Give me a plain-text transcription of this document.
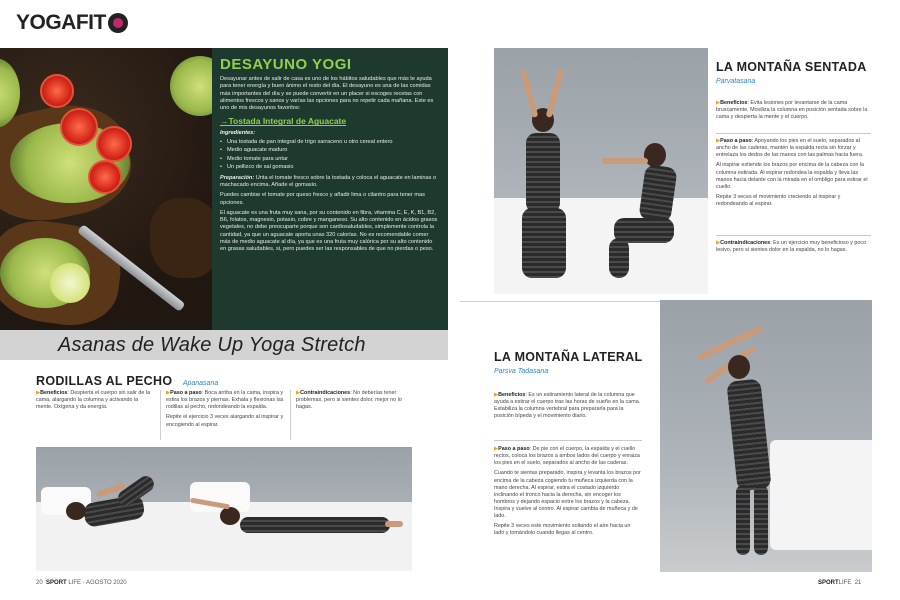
YOGA FIT
DESAYUNO YOGI
Desayunar antes de salir de casa es uno de los hábitos saludables que más te ayuda para tener energía y buen ánimo el resto del día. El desayuno es una de las comidas más importantes del día y se puede convertir en un placer si escoges recetas con alimentos frescos y sanos y varías las opciones para no repetir cada mañana. Este es uno de mis desayunos favoritos:
→Tostada Integral de Aguacate
Ingredientes:
• Una tostada de pan integral de trigo sarraceno u otro cereal entero
• Medio aguacate maduro
• Medio tomate para untar
• Un pellizco de sal gomasio
Preparación: Unta el tomate fresco sobre la tostada y coloca el aguacate en laminas o machacado encima. Añade el gomasio.
Puedes cambiar el tomate por queso fresco y añadir lima o cilantro para tener mas opciones.
El aguacate es una fruta muy sana, por su contenido en fibra, vitamina C, E, K, B1, B2, B6, folatos, magnesio, potasio, cobre y manganeso. Su alto contenido en ácidos grasos vegetales, no debe preocuparte porque son cardiosaludables, simplemente controla la cantidad, ya que un aguacate aporta unas 320 calorías. No es recomendable comer más de medio aguacate al día, ya que es una fruta muy calórica por su alto contenido en grasas saludables, si, pero puedes ser las responsables de que no pierdas o peso.
Asanas de Wake Up Yoga Stretch
RODILLAS AL PECHO Apanasana

▶Beneficios: Despierta el cuerpo sin salir de la cama, alargando la columna y activando la mente. Oxígena y da energía.

▶Paso a paso: Boca arriba en la cama, inspira y estira los brazos y piernas. Exhala y flexionas las rodillas al pecho, redondeando la espalda.

Repite el ejercicio 3 veces alargando al inspirar y encogiendo al espirar.

▶Contraindicaciones: No deberías tener problemas, pero si sientes dolor, mejor no lo hagas.

20 SPORT LIFE · AGOSTO 2020
LA MONTAÑA SENTADA
Parvatasana

▶Beneficios: Evita lesiones por levantarse de la cama bruscamente. Moviliza la columna en posición sentada sobre la cama y despierta la mente y el cuerpo.

▶Paso a paso: Apoyando los pies en el suelo, separados al ancho de las caderas, mantén la espalda recta sin forzar y entrelaza los dedos de las manos con las palmas hacia fuera.

Al inspirar extiende los brazos por encima de la cabeza con la columna estirada. Al espirar redondea la espalda y lleva las manos hacia delante con la mirada en el ombligo para estirar el cuello.

Repite 3 veces el movimiento creciendo al inspirar y redondeando al espirar.

▶Contraindicaciones: Es un ejercicio muy beneficioso y poco lesivo, pero si sientes dolor en la espalda, no lo hagas.

LA MONTAÑA LATERAL
Parsva Tadasana

▶Beneficios: Es un estiramiento lateral de la columna que ayuda a estirar el cuerpo tras las horas de sueño en la cama. Estabiliza la columna vertebral para prepararla para la posición bípeda y el movimiento diario.

▶Paso a paso: De pie con el cuerpo, la espalda y el cuello rectos, coloca los brazos a ambos lados del cuerpo y enraiza los pies en el suelo, separados al ancho de las caderas.

Cuando te sientas preparado, inspira y levanta los brazos por encima de la cabeza cogiendo tu muñeca izquierda con la mano derecha. Al espirar, estira el costado izquierdo inclinando el tronco hacia la derecha, sin encoger los hombros y dejando espacio entre los brazos y la cabeza. Inspira y vuelve al centro. Al espirar cambia de muñeca y de lado.

Repite 3 veces este movimiento soltando el aire hacia un lado y tomándolo cuando llegas al centro.

SPORTLIFE 21
